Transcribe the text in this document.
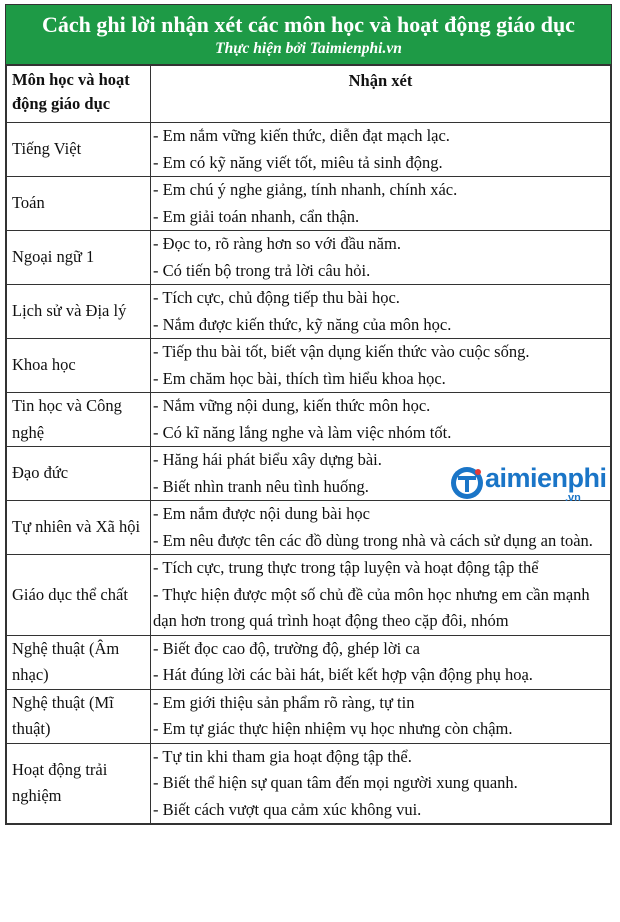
Cách ghi lời nhận xét các môn học và hoạt động giáo dục
Thực hiện bởi Taimienphi.vn
Môn học và hoạt động giáo dục	Nhận xét
Tiếng Việt	- Em nắm vững kiến thức, diễn đạt mạch lạc.
- Em có kỹ năng viết tốt, miêu tả sinh động.

Toán	- Em chú ý nghe giảng, tính nhanh, chính xác.
- Em giải toán nhanh, cẩn thận.

Ngoại ngữ 1	- Đọc to, rõ ràng hơn so với đầu năm.
- Có tiến bộ trong trả lời câu hỏi.

Lịch sử và Địa lý	- Tích cực, chủ động tiếp thu bài học.
- Nắm được kiến thức, kỹ năng của môn học.

Khoa học	- Tiếp thu bài tốt, biết vận dụng kiến thức vào cuộc sống.
- Em chăm học bài, thích tìm hiểu khoa học.

Tin học và Công nghệ	- Nắm vững nội dung, kiến thức môn học.
- Có kĩ năng lắng nghe và làm việc nhóm tốt.

Đạo đức	- Hăng hái phát biểu xây dựng bài.
- Biết nhìn tranh nêu tình huống.

Tự nhiên và Xã hội	- Em nắm được nội dung bài học
- Em nêu được tên các đồ dùng trong nhà và cách sử dụng an toàn.

Giáo dục thể chất	- Tích cực, trung thực trong tập luyện và hoạt động tập thể
- Thực hiện được một số chủ đề của môn học nhưng em cần mạnh dạn hơn trong quá trình hoạt động theo cặp đôi, nhóm

Nghệ thuật (Âm nhạc)	- Biết đọc cao độ, trường độ, ghép lời ca
- Hát đúng lời các bài hát, biết kết hợp vận động phụ hoạ.

Nghệ thuật (Mĩ thuật)	- Em giới thiệu sản phẩm rõ ràng, tự tin
- Em tự giác thực hiện nhiệm vụ học nhưng còn chậm.

Hoạt động trải nghiệm	- Tự tin khi tham gia hoạt động tập thể.
- Biết thể hiện sự quan tâm đến mọi người xung quanh.
- Biết cách vượt qua cảm xúc không vui.
aimienphi
.vn
